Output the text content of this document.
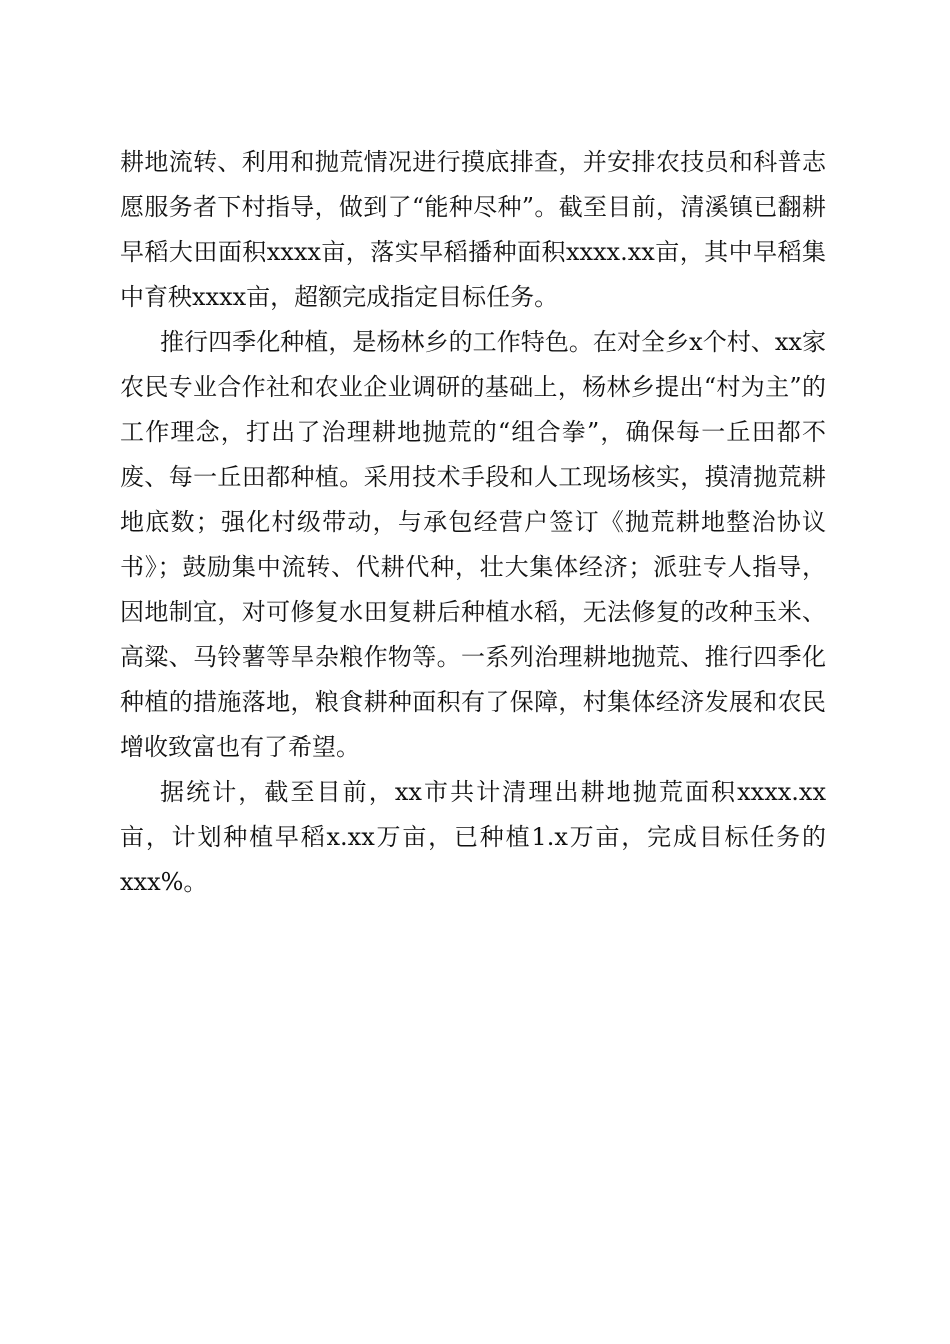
耕地流转、利用和抛荒情况进行摸底排查，并安排农技员和科普志愿服务者下村指导，做到了“能种尽种”。截至目前，清溪镇已翻耕早稻大田面积xxxx亩，落实早稻播种面积xxxx.xx亩，其中早稻集中育秧xxxx亩，超额完成指定目标任务。

推行四季化种植，是杨林乡的工作特色。在对全乡x个村、xx家农民专业合作社和农业企业调研的基础上，杨林乡提出“村为主”的工作理念，打出了治理耕地抛荒的“组合拳”，确保每一丘田都不废、每一丘田都种植。采用技术手段和人工现场核实，摸清抛荒耕地底数；强化村级带动，与承包经营户签订《抛荒耕地整治协议书》；鼓励集中流转、代耕代种，壮大集体经济；派驻专人指导，因地制宜，对可修复水田复耕后种植水稻，无法修复的改种玉米、高粱、马铃薯等旱杂粮作物等。一系列治理耕地抛荒、推行四季化种植的措施落地，粮食耕种面积有了保障，村集体经济发展和农民增收致富也有了希望。

据统计，截至目前，xx市共计清理出耕地抛荒面积xxxx.xx亩，计划种植早稻x.xx万亩，已种植1.x万亩，完成目标任务的xxx%。
